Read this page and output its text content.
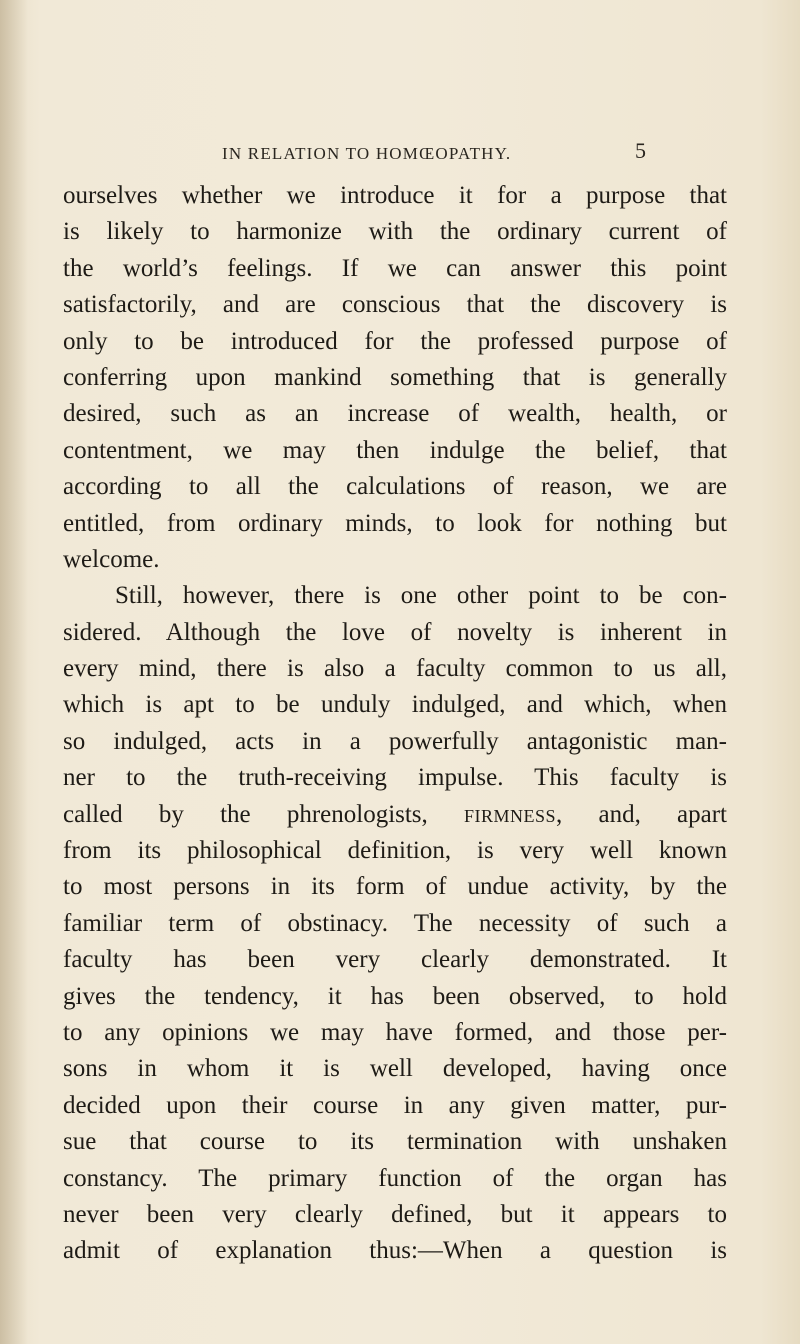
IN RELATION TO HOMŒOPATHY.	5
ourselves whether we introduce it for a purpose that
is likely to harmonize with the ordinary current of
the world’s feelings. If we can answer this point
satisfactorily, and are conscious that the discovery is
only to be introduced for the professed purpose of
conferring upon mankind something that is generally
desired, such as an increase of wealth, health, or
contentment, we may then indulge the belief, that
according to all the calculations of reason, we are
entitled, from ordinary minds, to look for nothing but
welcome.
Still, however, there is one other point to be con-
sidered. Although the love of novelty is inherent in
every mind, there is also a faculty common to us all,
which is apt to be unduly indulged, and which, when
so indulged, acts in a powerfully antagonistic man-
ner to the truth-receiving impulse. This faculty is
called by the phrenologists, firmness, and, apart
from its philosophical definition, is very well known
to most persons in its form of undue activity, by the
familiar term of obstinacy. The necessity of such a
faculty has been very clearly demonstrated. It
gives the tendency, it has been observed, to hold
to any opinions we may have formed, and those per-
sons in whom it is well developed, having once
decided upon their course in any given matter, pur-
sue that course to its termination with unshaken
constancy. The primary function of the organ has
never been very clearly defined, but it appears to
admit of explanation thus:—When a question is
